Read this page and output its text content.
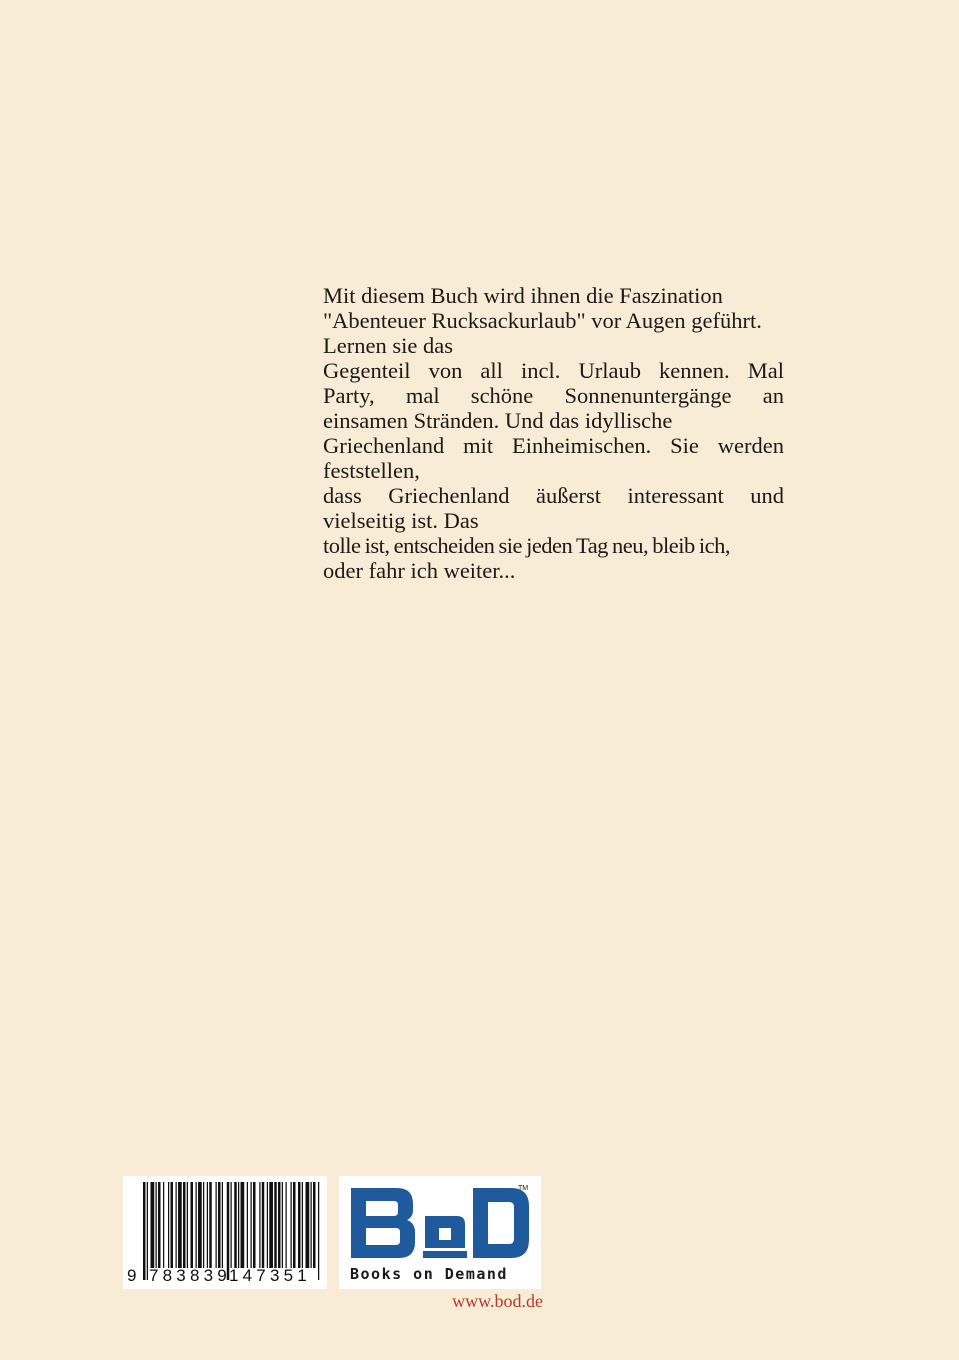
Mit diesem Buch wird ihnen die Faszination
"Abenteuer Rucksackurlaub" vor Augen geführt.
Lernen sie das
Gegenteil von all incl. Urlaub kennen. Mal
Party, mal schöne Sonnenuntergänge an
einsamen Stränden. Und das idyllische
Griechenland mit Einheimischen. Sie werden
feststellen,
dass Griechenland äußerst interessant und
vielseitig ist. Das
tolle ist, entscheiden sie jeden Tag neu, bleib ich,
oder fahr ich weiter...
9 783839
147351
TM
Books on Demand
www.bod.de
